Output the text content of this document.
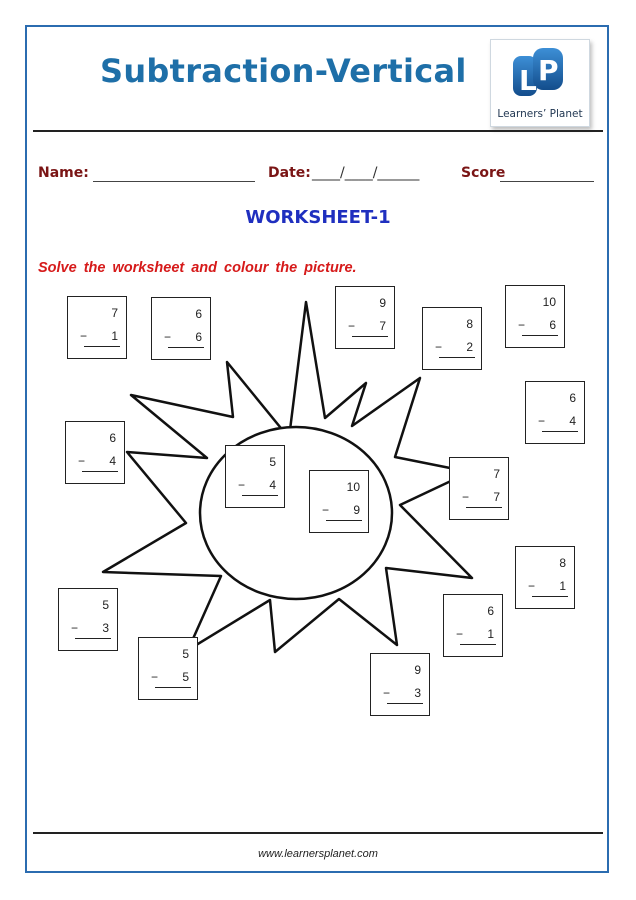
Subtraction-Vertical L P
Learners’ Planet
Name:	Date: ____/____/______	Score
WORKSHEET-1
Solve the worksheet and colour the picture.
7
− 1
6
− 6
9
− 7	8
− 2
10
− 6
6
− 4
6
− 4	5
− 4	10
− 9
7
− 7
8
− 1
5
− 3
6
− 1
5
− 5	9
− 3
www.learnersplanet.com
